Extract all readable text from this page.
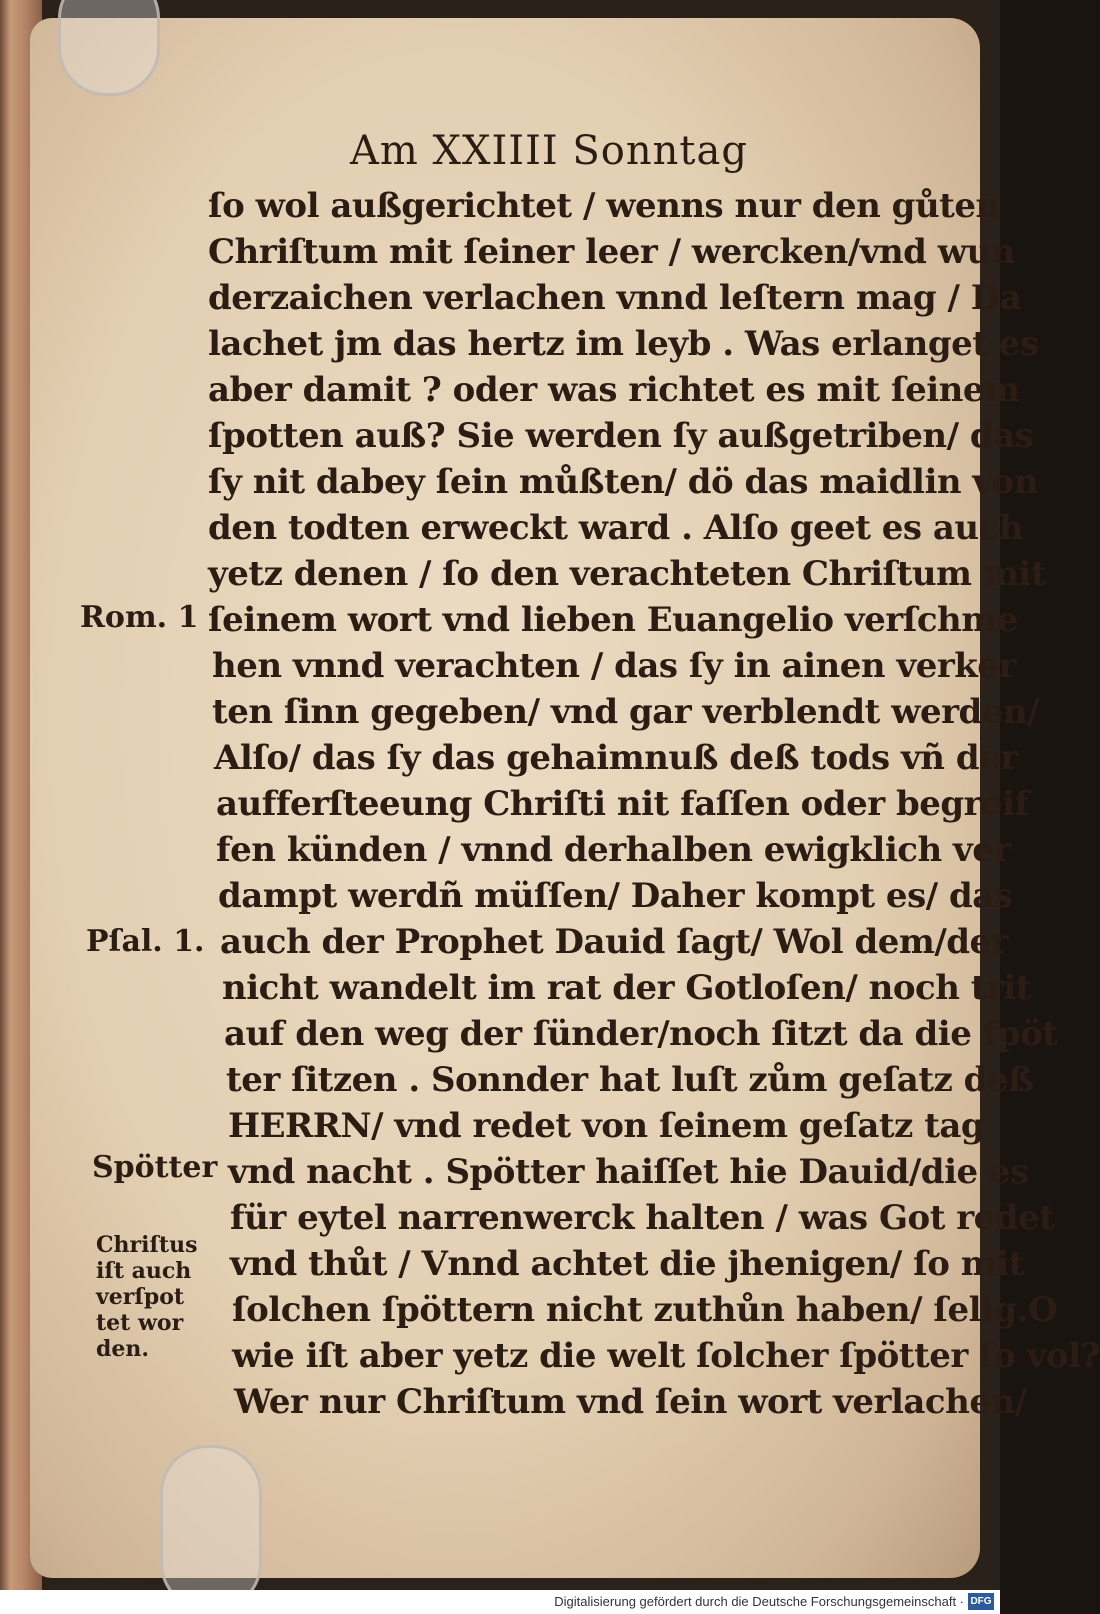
Am XXIIII Sonntag
ſo wol außgerichtet / wenns nur den gůten
Chriſtum mit ſeiner leer / wercken/vnd wun
derzaichen verlachen vnnd leſtern mag / Da
lachet jm das hertz im leyb . Was erlanget es
aber damit ? oder was richtet es mit ſeinem
ſpotten auß? Sie werden ſy außgetriben/ das
ſy nit dabey ſein můßten/ dö das maidlin von
den todten erweckt ward . Alſo geet es auch
yetz denen / ſo den verachteten Chriſtum mit
ſeinem wort vnd lieben Euangelio verſchme
hen vnnd verachten / das ſy in ainen verker
ten ſinn gegeben/ vnd gar verblendt werden/
Alſo/ das ſy das gehaimnuß deß tods vñ der
aufferſteeung Chriſti nit faſſen oder begreif
fen künden / vnnd derhalben ewigklich ver
dampt werdñ müſſen/ Daher kompt es/ das
auch der Prophet Dauid ſagt/ Wol dem/der
nicht wandelt im rat der Gotloſen/ noch trit
auf den weg der ſünder/noch ſitzt da die ſpöt
ter ſitzen . Sonnder hat luſt zům geſatz deß
HERRN/ vnd redet von ſeinem geſatz tag
vnd nacht . Spötter haiſſet hie Dauid/die es
für eytel narrenwerck halten / was Got redet
vnd thůt / Vnnd achtet die jhenigen/ ſo mit
ſolchen ſpöttern nicht zuthůn haben/ ſelig.O
wie iſt aber yetz die welt ſolcher ſpötter ſo vol?
Wer nur Chriſtum vnd ſein wort verlachen/
Rom. 1
Pſal. 1.
Spötter
Chriſtus
iſt auch
verſpot
tet wor
den.
Digitalisierung gefördert durch die Deutsche Forschungsgemeinschaft · DFG
